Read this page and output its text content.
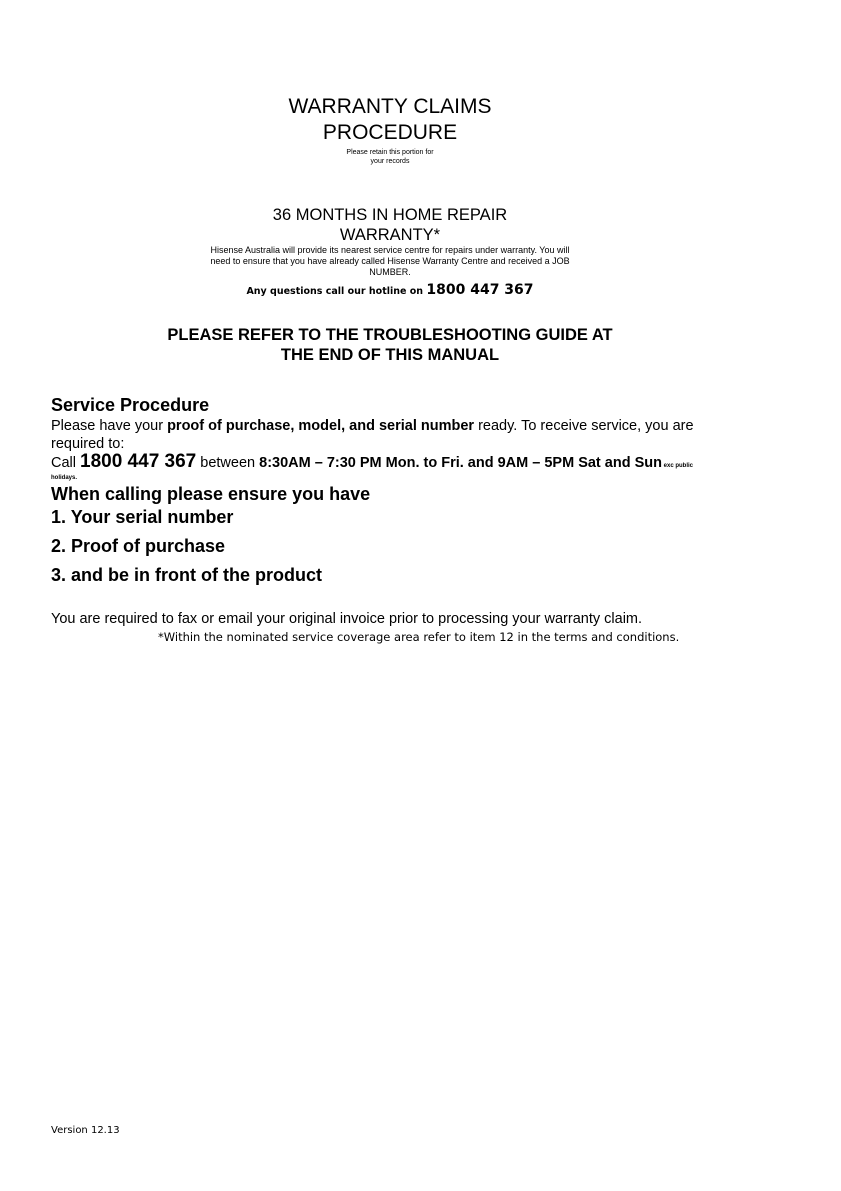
WARRANTY CLAIMS
PROCEDURE
Please retain this portion for
your records
36 MONTHS IN HOME REPAIR
WARRANTY*
Hisense Australia will provide its nearest service centre for repairs under warranty. You will
need to ensure that you have already called Hisense Warranty Centre and received a JOB
NUMBER.
Any questions call our hotline on 1800 447 367
PLEASE REFER TO THE TROUBLESHOOTING GUIDE AT
THE END OF THIS MANUAL
Service Procedure
Please have your proof of purchase, model, and serial number ready. To receive service, you are
required to:
Call 1800 447 367 between 8:30AM – 7:30 PM Mon. to Fri. and 9AM – 5PM Sat and Sun exc public
holidays.
When calling please ensure you have
1. Your serial number
2. Proof of purchase
3. and be in front of the product
You are required to fax or email your original invoice prior to processing your warranty claim.
*Within the nominated service coverage area refer to item 12 in the terms and conditions.
Version 12.13
